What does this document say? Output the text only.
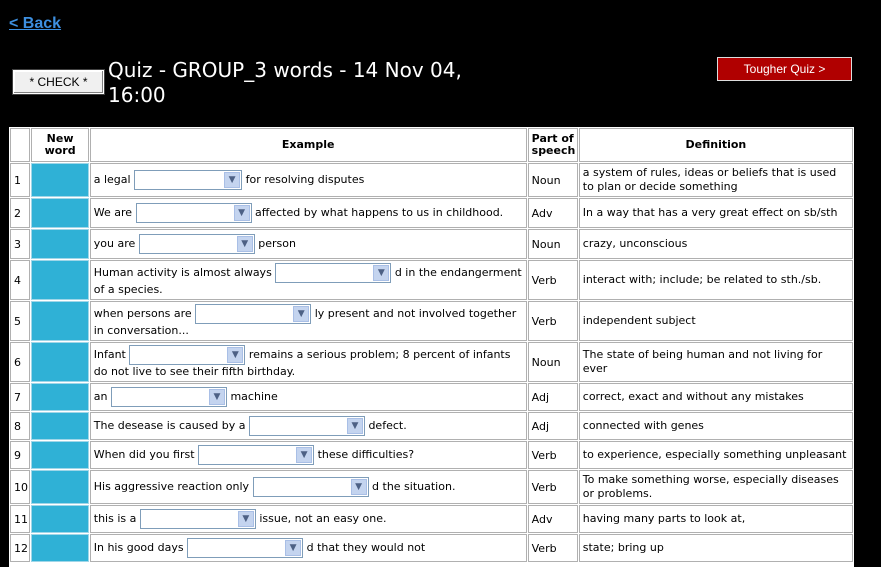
< Back
* CHECK *	Quiz - GROUP_3 words - 14 Nov 04, 16:00
Tougher Quiz >
	New word	Example	Part of speech	Definition
1		a legal ▼ for resolving disputes	Noun	a system of rules, ideas or beliefs that is used to plan or decide something
2		We are ▼ affected by what happens to us in childhood.	Adv	In a way that has a very great effect on sb/sth
3		you are ▼ person	Noun	crazy, unconscious
4		Human activity is almost always ▼ d in the endangerment of a species.	Verb	interact with; include; be related to sth./sb.
5		when persons are ▼ ly present and not involved together in conversation...	Verb	independent subject
6		Infant ▼ remains a serious problem; 8 percent of infants do not live to see their fifth birthday.	Noun	The state of being human and not living for ever
7		an ▼ machine	Adj	correct, exact and without any mistakes
8		The desease is caused by a ▼ defect.	Adj	connected with genes
9		When did you first ▼ these difficulties?	Verb	to experience, especially something unpleasant
10		His aggressive reaction only ▼ d the situation.	Verb	To make something worse, especially diseases or problems.
11		this is a ▼ issue, not an easy one.	Adv	having many parts to look at,
12		In his good days ▼ d that they would not	Verb	state; bring up
